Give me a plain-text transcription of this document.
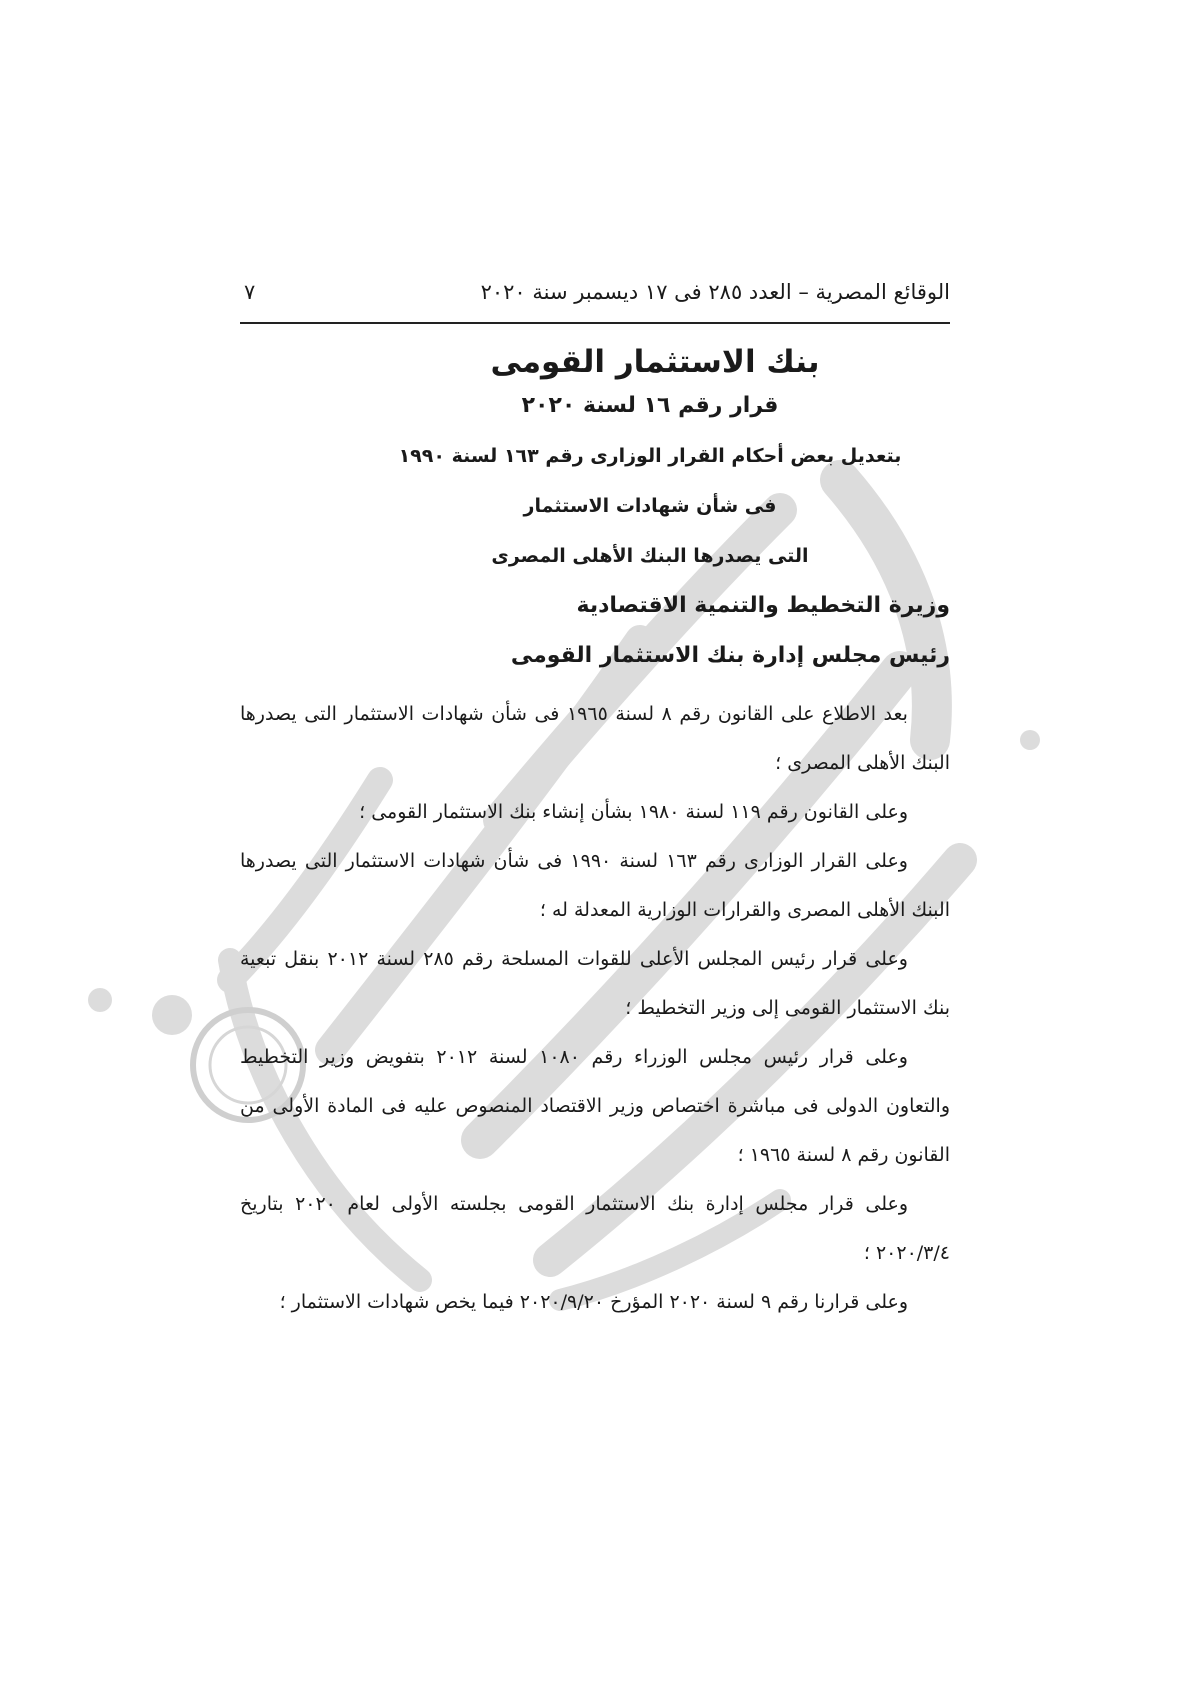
الوقائع المصرية – العدد ٢٨٥ فى ١٧ ديسمبر سنة ٢٠٢٠
٧
بنك الاستثمار القومى
قرار رقم ١٦ لسنة ٢٠٢٠
بتعديل بعض أحكام القرار الوزارى رقم ١٦٣ لسنة ١٩٩٠
فى شأن شهادات الاستثمار
التى يصدرها البنك الأهلى المصرى
وزيرة التخطيط والتنمية الاقتصادية
رئيس مجلس إدارة بنك الاستثمار القومى

بعد الاطلاع على القانون رقم ٨ لسنة ١٩٦٥ فى شأن شهادات الاستثمار التى يصدرها البنك الأهلى المصرى ؛

وعلى القانون رقم ١١٩ لسنة ١٩٨٠ بشأن إنشاء بنك الاستثمار القومى ؛

وعلى القرار الوزارى رقم ١٦٣ لسنة ١٩٩٠ فى شأن شهادات الاستثمار التى يصدرها البنك الأهلى المصرى والقرارات الوزارية المعدلة له ؛

وعلى قرار رئيس المجلس الأعلى للقوات المسلحة رقم ٢٨٥ لسنة ٢٠١٢ بنقل تبعية بنك الاستثمار القومى إلى وزير التخطيط ؛

وعلى قرار رئيس مجلس الوزراء رقم ١٠٨٠ لسنة ٢٠١٢ بتفويض وزير التخطيط والتعاون الدولى فى مباشرة اختصاص وزير الاقتصاد المنصوص عليه فى المادة الأولى من القانون رقم ٨ لسنة ١٩٦٥ ؛

وعلى قرار مجلس إدارة بنك الاستثمار القومى بجلسته الأولى لعام ٢٠٢٠ بتاريخ ٢٠٢٠/٣/٤ ؛

وعلى قرارنا رقم ٩ لسنة ٢٠٢٠ المؤرخ ٢٠٢٠/٩/٢٠ فيما يخص شهادات الاستثمار ؛
